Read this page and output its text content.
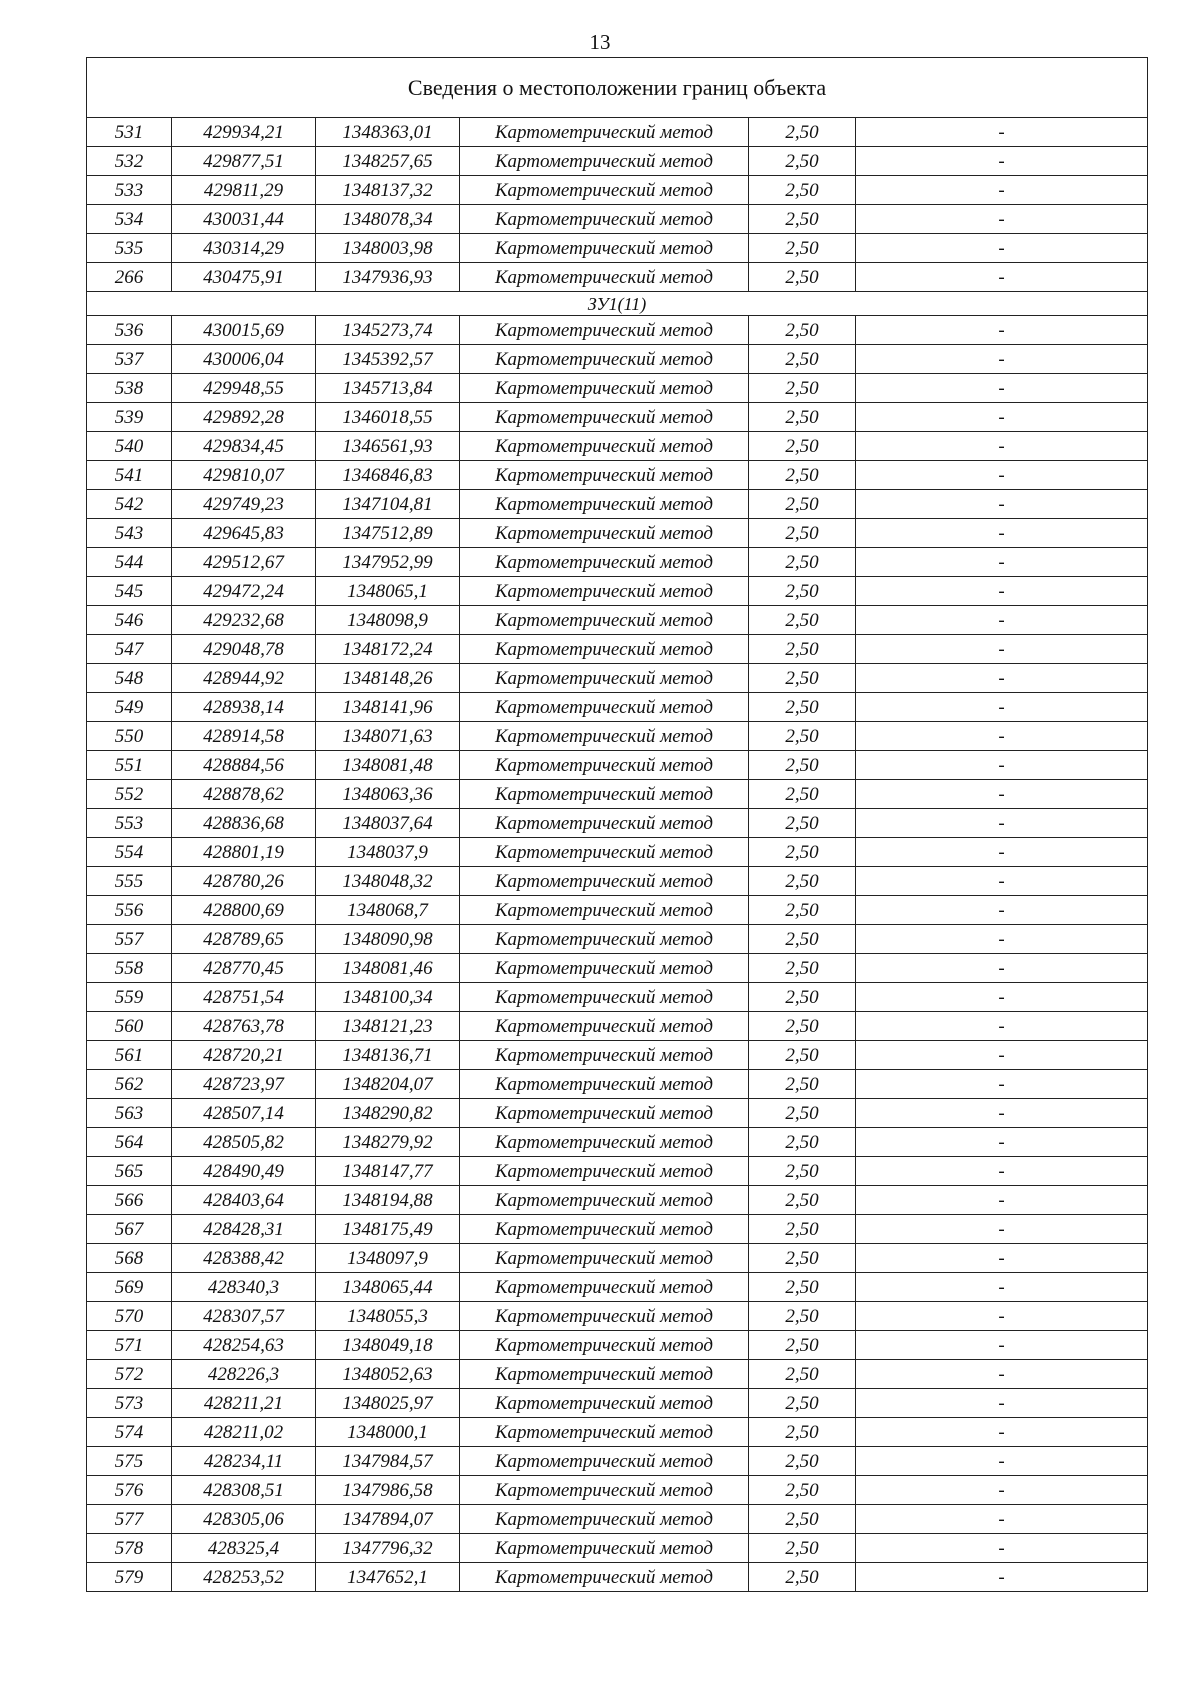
13
Сведения о местоположении границ объекта					
531	429934,21	1348363,01	Картометрический метод	2,50	-
532	429877,51	1348257,65	Картометрический метод	2,50	-
533	429811,29	1348137,32	Картометрический метод	2,50	-
534	430031,44	1348078,34	Картометрический метод	2,50	-
535	430314,29	1348003,98	Картометрический метод	2,50	-
266	430475,91	1347936,93	Картометрический метод	2,50	-
ЗУ1(11)					
536	430015,69	1345273,74	Картометрический метод	2,50	-
537	430006,04	1345392,57	Картометрический метод	2,50	-
538	429948,55	1345713,84	Картометрический метод	2,50	-
539	429892,28	1346018,55	Картометрический метод	2,50	-
540	429834,45	1346561,93	Картометрический метод	2,50	-
541	429810,07	1346846,83	Картометрический метод	2,50	-
542	429749,23	1347104,81	Картометрический метод	2,50	-
543	429645,83	1347512,89	Картометрический метод	2,50	-
544	429512,67	1347952,99	Картометрический метод	2,50	-
545	429472,24	1348065,1	Картометрический метод	2,50	-
546	429232,68	1348098,9	Картометрический метод	2,50	-
547	429048,78	1348172,24	Картометрический метод	2,50	-
548	428944,92	1348148,26	Картометрический метод	2,50	-
549	428938,14	1348141,96	Картометрический метод	2,50	-
550	428914,58	1348071,63	Картометрический метод	2,50	-
551	428884,56	1348081,48	Картометрический метод	2,50	-
552	428878,62	1348063,36	Картометрический метод	2,50	-
553	428836,68	1348037,64	Картометрический метод	2,50	-
554	428801,19	1348037,9	Картометрический метод	2,50	-
555	428780,26	1348048,32	Картометрический метод	2,50	-
556	428800,69	1348068,7	Картометрический метод	2,50	-
557	428789,65	1348090,98	Картометрический метод	2,50	-
558	428770,45	1348081,46	Картометрический метод	2,50	-
559	428751,54	1348100,34	Картометрический метод	2,50	-
560	428763,78	1348121,23	Картометрический метод	2,50	-
561	428720,21	1348136,71	Картометрический метод	2,50	-
562	428723,97	1348204,07	Картометрический метод	2,50	-
563	428507,14	1348290,82	Картометрический метод	2,50	-
564	428505,82	1348279,92	Картометрический метод	2,50	-
565	428490,49	1348147,77	Картометрический метод	2,50	-
566	428403,64	1348194,88	Картометрический метод	2,50	-
567	428428,31	1348175,49	Картометрический метод	2,50	-
568	428388,42	1348097,9	Картометрический метод	2,50	-
569	428340,3	1348065,44	Картометрический метод	2,50	-
570	428307,57	1348055,3	Картометрический метод	2,50	-
571	428254,63	1348049,18	Картометрический метод	2,50	-
572	428226,3	1348052,63	Картометрический метод	2,50	-
573	428211,21	1348025,97	Картометрический метод	2,50	-
574	428211,02	1348000,1	Картометрический метод	2,50	-
575	428234,11	1347984,57	Картометрический метод	2,50	-
576	428308,51	1347986,58	Картометрический метод	2,50	-
577	428305,06	1347894,07	Картометрический метод	2,50	-
578	428325,4	1347796,32	Картометрический метод	2,50	-
579	428253,52	1347652,1	Картометрический метод	2,50	-
